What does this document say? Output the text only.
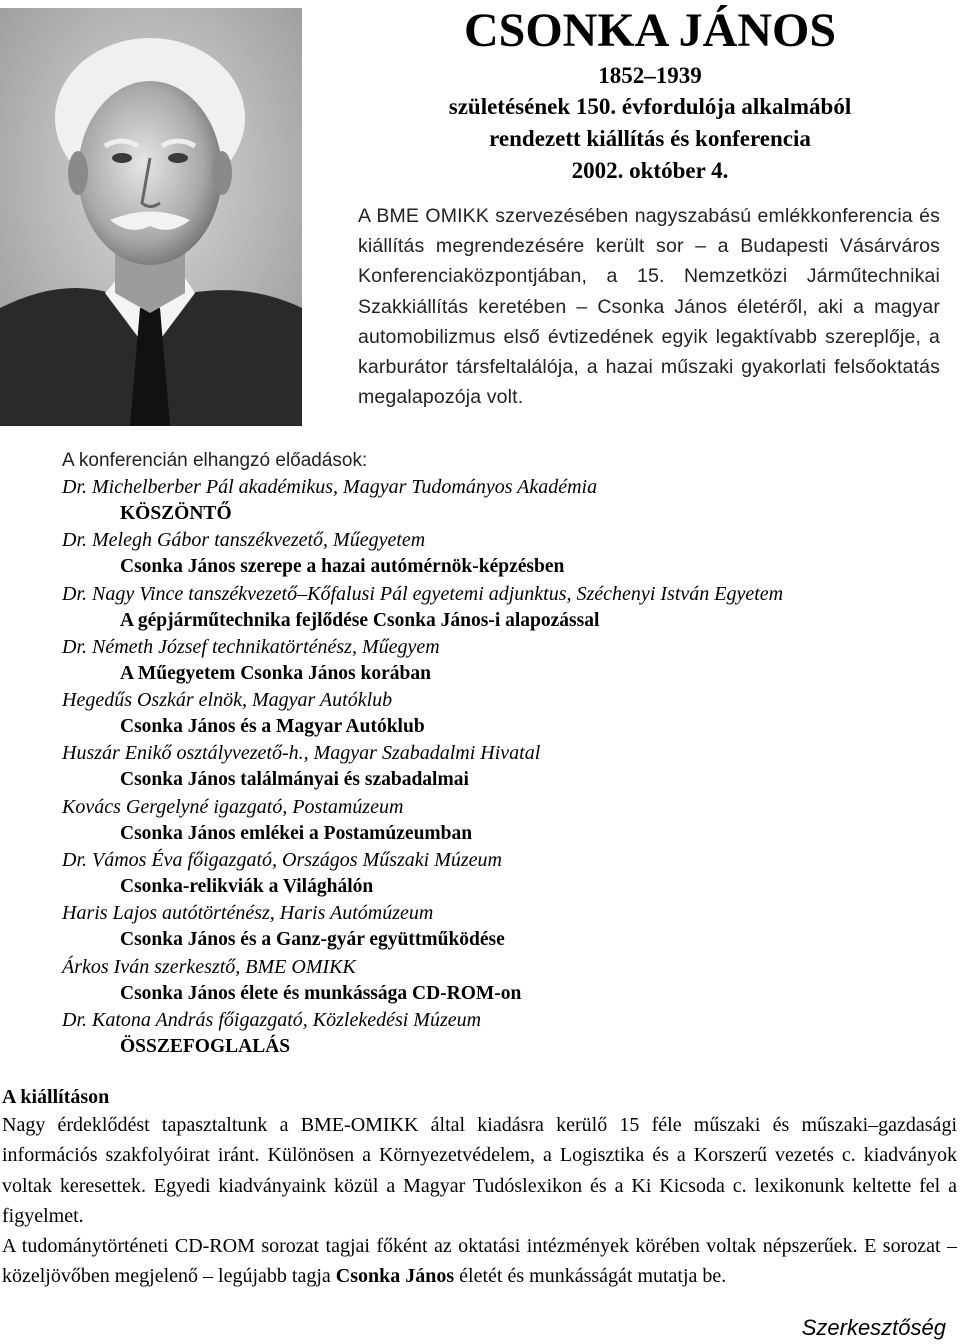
CSONKA JÁNOS
1852–1939
születésének 150. évfordulója alkalmából
rendezett kiállítás és konferencia
2002. október 4.

A BME OMIKK szervezésében nagyszabású emlékkonferencia és kiállítás megrendezésére került sor – a Budapesti Vásárváros Konferenciaközpontjában, a 15. Nemzetközi Járműtechnikai Szakkiállítás keretében – Csonka János életéről, aki a magyar automobilizmus első évtizedének egyik legaktívabb szereplője, a karburátor társfeltalálója, a hazai műszaki gyakorlati felsőoktatás megalapozója volt.

A konferencián elhangzó előadások:
Dr. Michelberber Pál akadémikus, Magyar Tudományos Akadémia
KÖSZÖNTŐ
Dr. Melegh Gábor tanszékvezető, Műegyetem
Csonka János szerepe a hazai autómérnök-képzésben
Dr. Nagy Vince tanszékvezető–Kőfalusi Pál egyetemi adjunktus, Széchenyi István Egyetem
A gépjárműtechnika fejlődése Csonka János-i alapozással
Dr. Németh József technikatörténész, Műegyem
A Műegyetem Csonka János korában
Hegedűs Oszkár elnök, Magyar Autóklub
Csonka János és a Magyar Autóklub
Huszár Enikő osztályvezető-h., Magyar Szabadalmi Hivatal
Csonka János találmányai és szabadalmai
Kovács Gergelyné igazgató, Postamúzeum
Csonka János emlékei a Postamúzeumban
Dr. Vámos Éva főigazgató, Országos Műszaki Múzeum
Csonka-relikviák a Világhálón
Haris Lajos autótörténész, Haris Autómúzeum
Csonka János és a Ganz-gyár együttműködése
Árkos Iván szerkesztő, BME OMIKK
Csonka János élete és munkássága CD-ROM-on
Dr. Katona András főigazgató, Közlekedési Múzeum
ÖSSZEFOGLALÁS
A kiállításon

Nagy érdeklődést tapasztaltunk a BME-OMIKK által kiadásra kerülő 15 féle műszaki és műszaki–gazdasági információs szakfolyóirat iránt. Különösen a Környezetvédelem, a Logisztika és a Korszerű vezetés c. kiadványok voltak keresettek. Egyedi kiadványaink közül a Magyar Tudóslexikon és a Ki Kicsoda c. lexikonunk keltette fel a figyelmet.

A tudománytörténeti CD-ROM sorozat tagjai főként az oktatási intézmények körében voltak népszerűek. E sorozat – közeljövőben megjelenő – legújabb tagja Csonka János életét és munkásságát mutatja be.

Szerkesztőség
